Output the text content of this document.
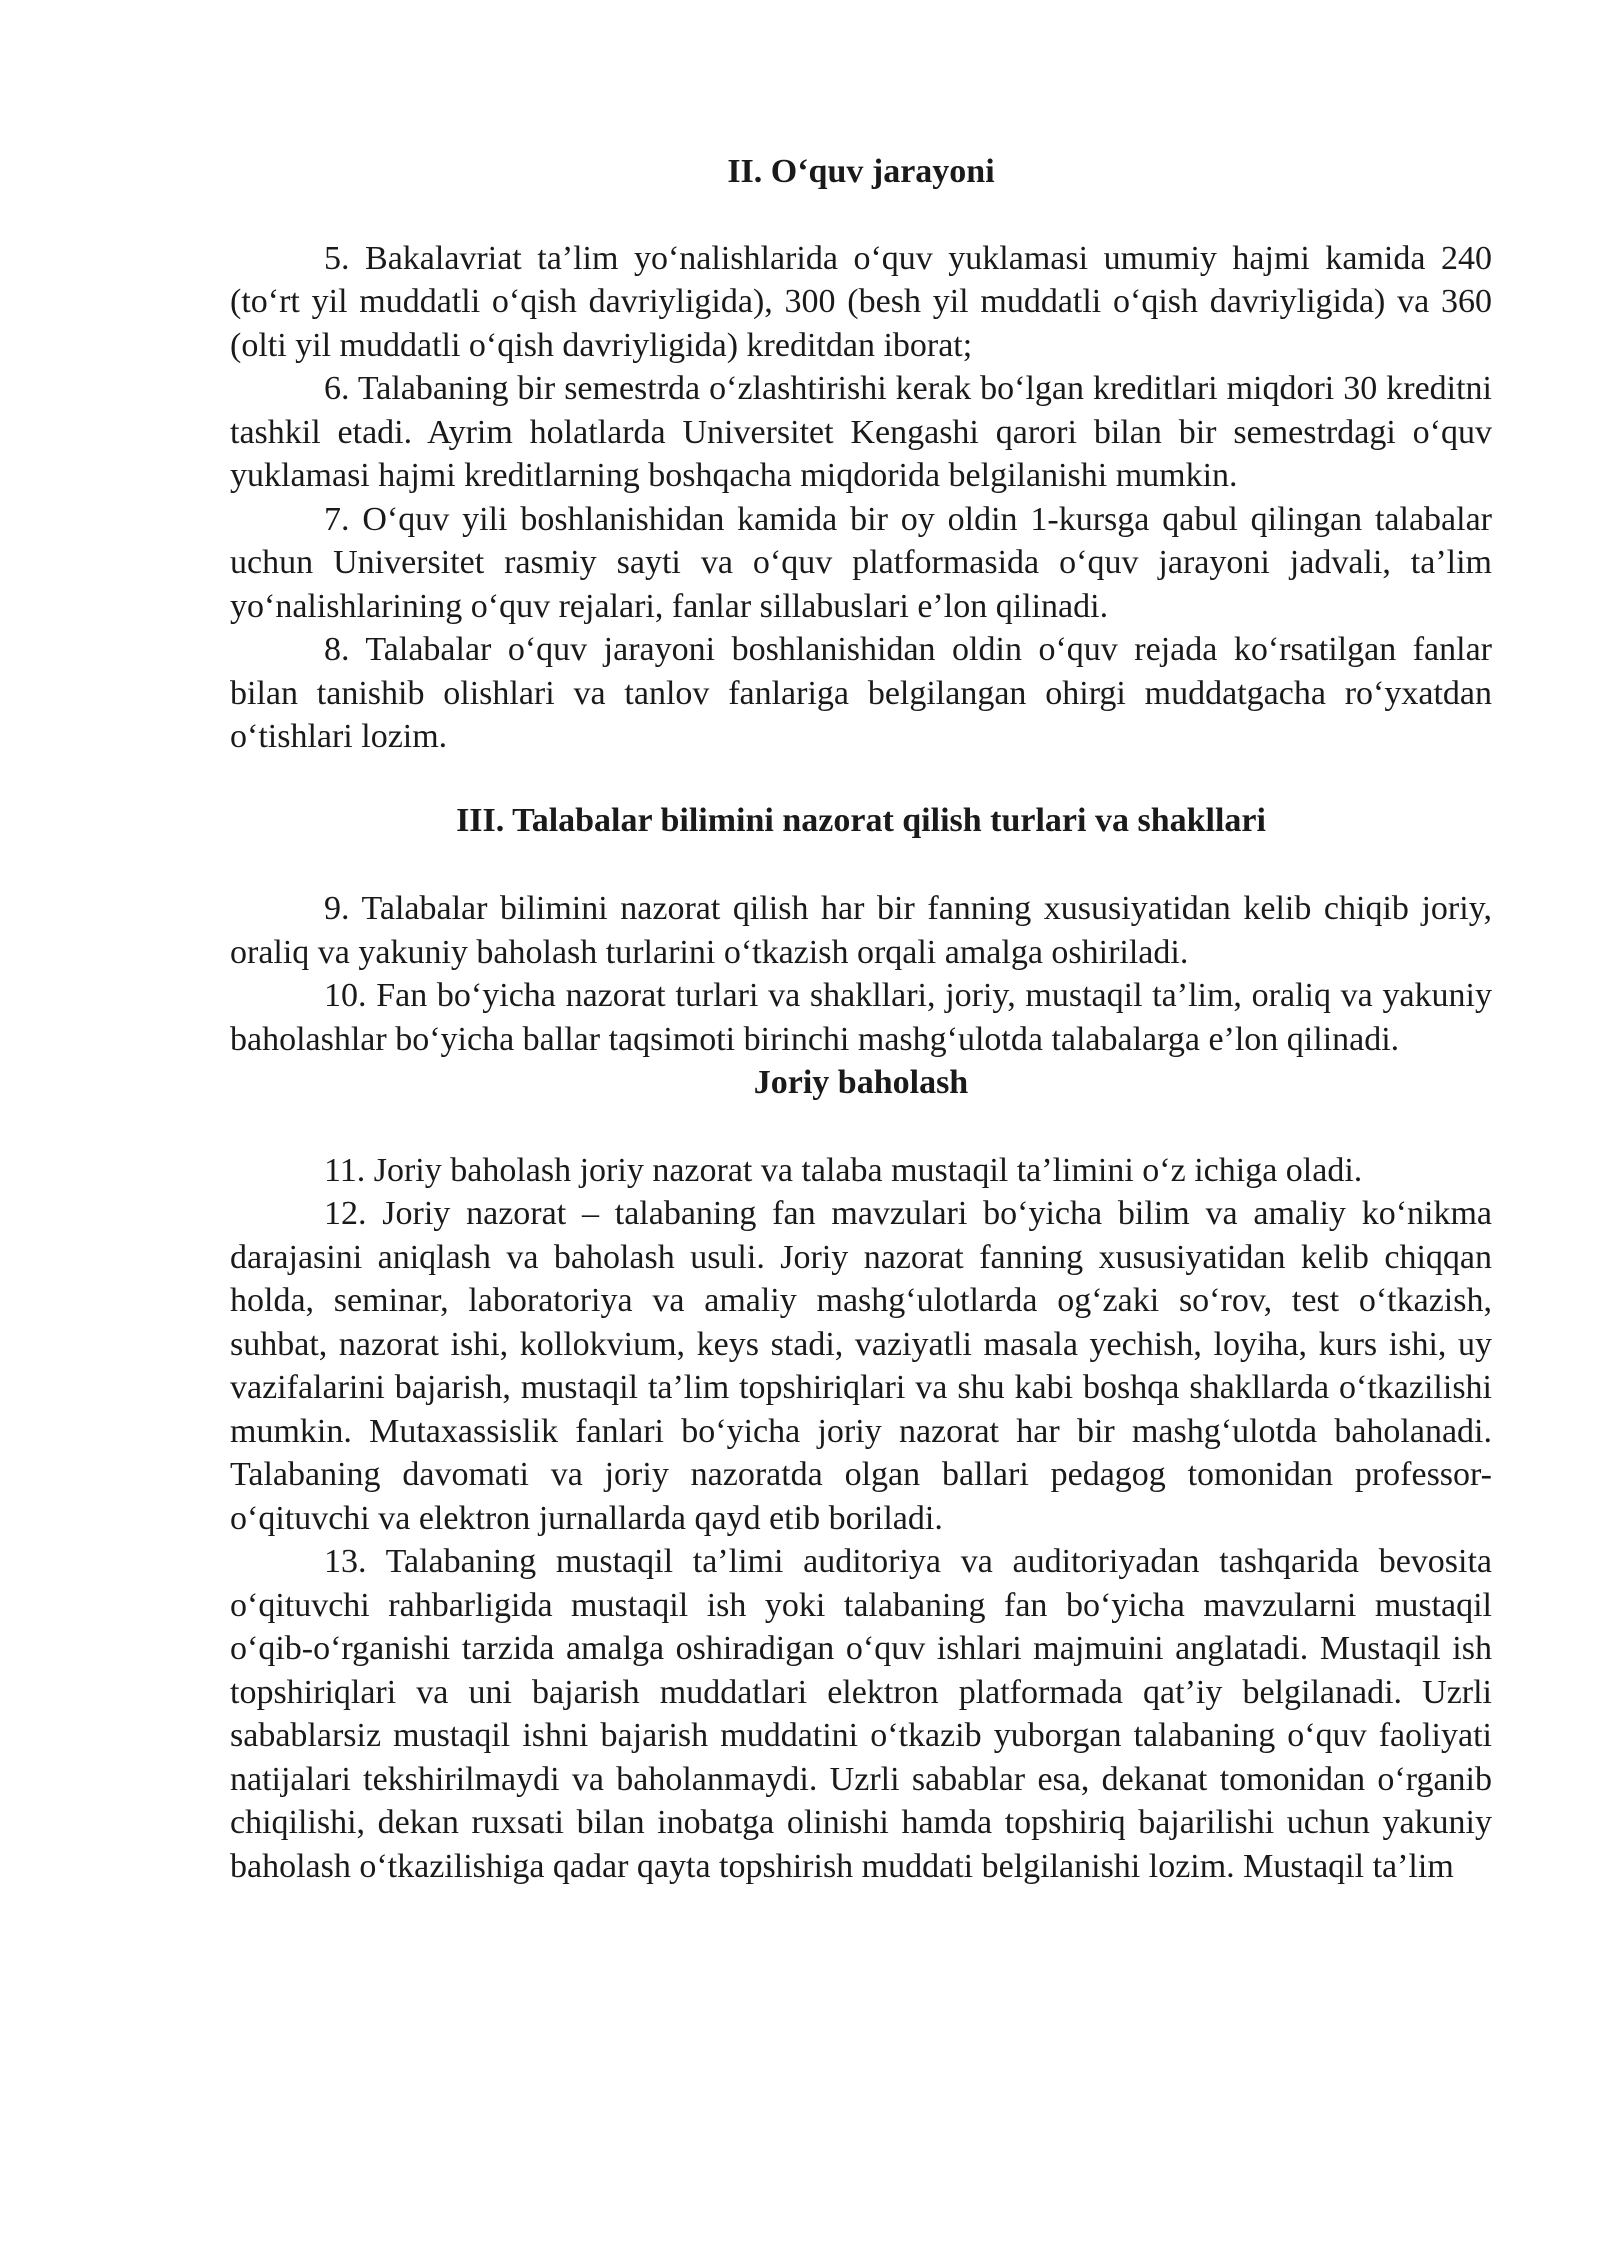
II. O‘quv jarayoni

5. Bakalavriat ta’lim yo‘nalishlarida o‘quv yuklamasi umumiy hajmi kamida 240 (to‘rt yil muddatli o‘qish davriyligida), 300 (besh yil muddatli o‘qish davriyligida) va 360 (olti yil muddatli o‘qish davriyligida) kreditdan iborat;

6. Talabaning bir semestrda o‘zlashtirishi kerak bo‘lgan kreditlari miqdori 30 kreditni tashkil etadi. Ayrim holatlarda Universitet Kengashi qarori bilan bir semestrdagi o‘quv yuklamasi hajmi kreditlarning boshqacha miqdorida belgilanishi mumkin.

7. O‘quv yili boshlanishidan kamida bir oy oldin 1-kursga qabul qilingan talabalar uchun Universitet rasmiy sayti va o‘quv platformasida o‘quv jarayoni jadvali, ta’lim yo‘nalishlarining o‘quv rejalari, fanlar sillabuslari e’lon qilinadi.

8. Talabalar o‘quv jarayoni boshlanishidan oldin o‘quv rejada ko‘rsatilgan fanlar bilan tanishib olishlari va tanlov fanlariga belgilangan ohirgi muddatgacha ro‘yxatdan o‘tishlari lozim.

III. Talabalar bilimini nazorat qilish turlari va shakllari

9. Talabalar bilimini nazorat qilish har bir fanning xususiyatidan kelib chiqib joriy, oraliq va yakuniy baholash turlarini o‘tkazish orqali amalga oshiriladi.

10. Fan bo‘yicha nazorat turlari va shakllari, joriy, mustaqil ta’lim, oraliq va yakuniy baholashlar bo‘yicha ballar taqsimoti birinchi mashg‘ulotda talabalarga e’lon qilinadi.

Joriy baholash

11. Joriy baholash joriy nazorat va talaba mustaqil ta’limini o‘z ichiga oladi.

12. Joriy nazorat – talabaning fan mavzulari bo‘yicha bilim va amaliy ko‘nikma darajasini aniqlash va baholash usuli. Joriy nazorat fanning xususiyatidan kelib chiqqan holda, seminar, laboratoriya va amaliy mashg‘ulotlarda og‘zaki so‘rov, test o‘tkazish, suhbat, nazorat ishi, kollokvium, keys stadi, vaziyatli masala yechish, loyiha, kurs ishi, uy vazifalarini bajarish, mustaqil ta’lim topshiriqlari va shu kabi boshqa shakllarda o‘tkazilishi mumkin. Mutaxassislik fanlari bo‘yicha joriy nazorat har bir mashg‘ulotda baholanadi. Talabaning davomati va joriy nazoratda olgan ballari pedagog tomonidan professor-o‘qituvchi va elektron jurnallarda qayd etib boriladi.

13. Talabaning mustaqil ta’limi auditoriya va auditoriyadan tashqarida bevosita o‘qituvchi rahbarligida mustaqil ish yoki talabaning fan bo‘yicha mavzularni mustaqil o‘qib-o‘rganishi tarzida amalga oshiradigan o‘quv ishlari majmuini anglatadi. Mustaqil ish topshiriqlari va uni bajarish muddatlari elektron platformada qat’iy belgilanadi. Uzrli sabablarsiz mustaqil ishni bajarish muddatini o‘tkazib yuborgan talabaning o‘quv faoliyati natijalari tekshirilmaydi va baholanmaydi. Uzrli sabablar esa, dekanat tomonidan o‘rganib chiqilishi, dekan ruxsati bilan inobatga olinishi hamda topshiriq bajarilishi uchun yakuniy baholash o‘tkazilishiga qadar qayta topshirish muddati belgilanishi lozim. Mustaqil ta’lim
